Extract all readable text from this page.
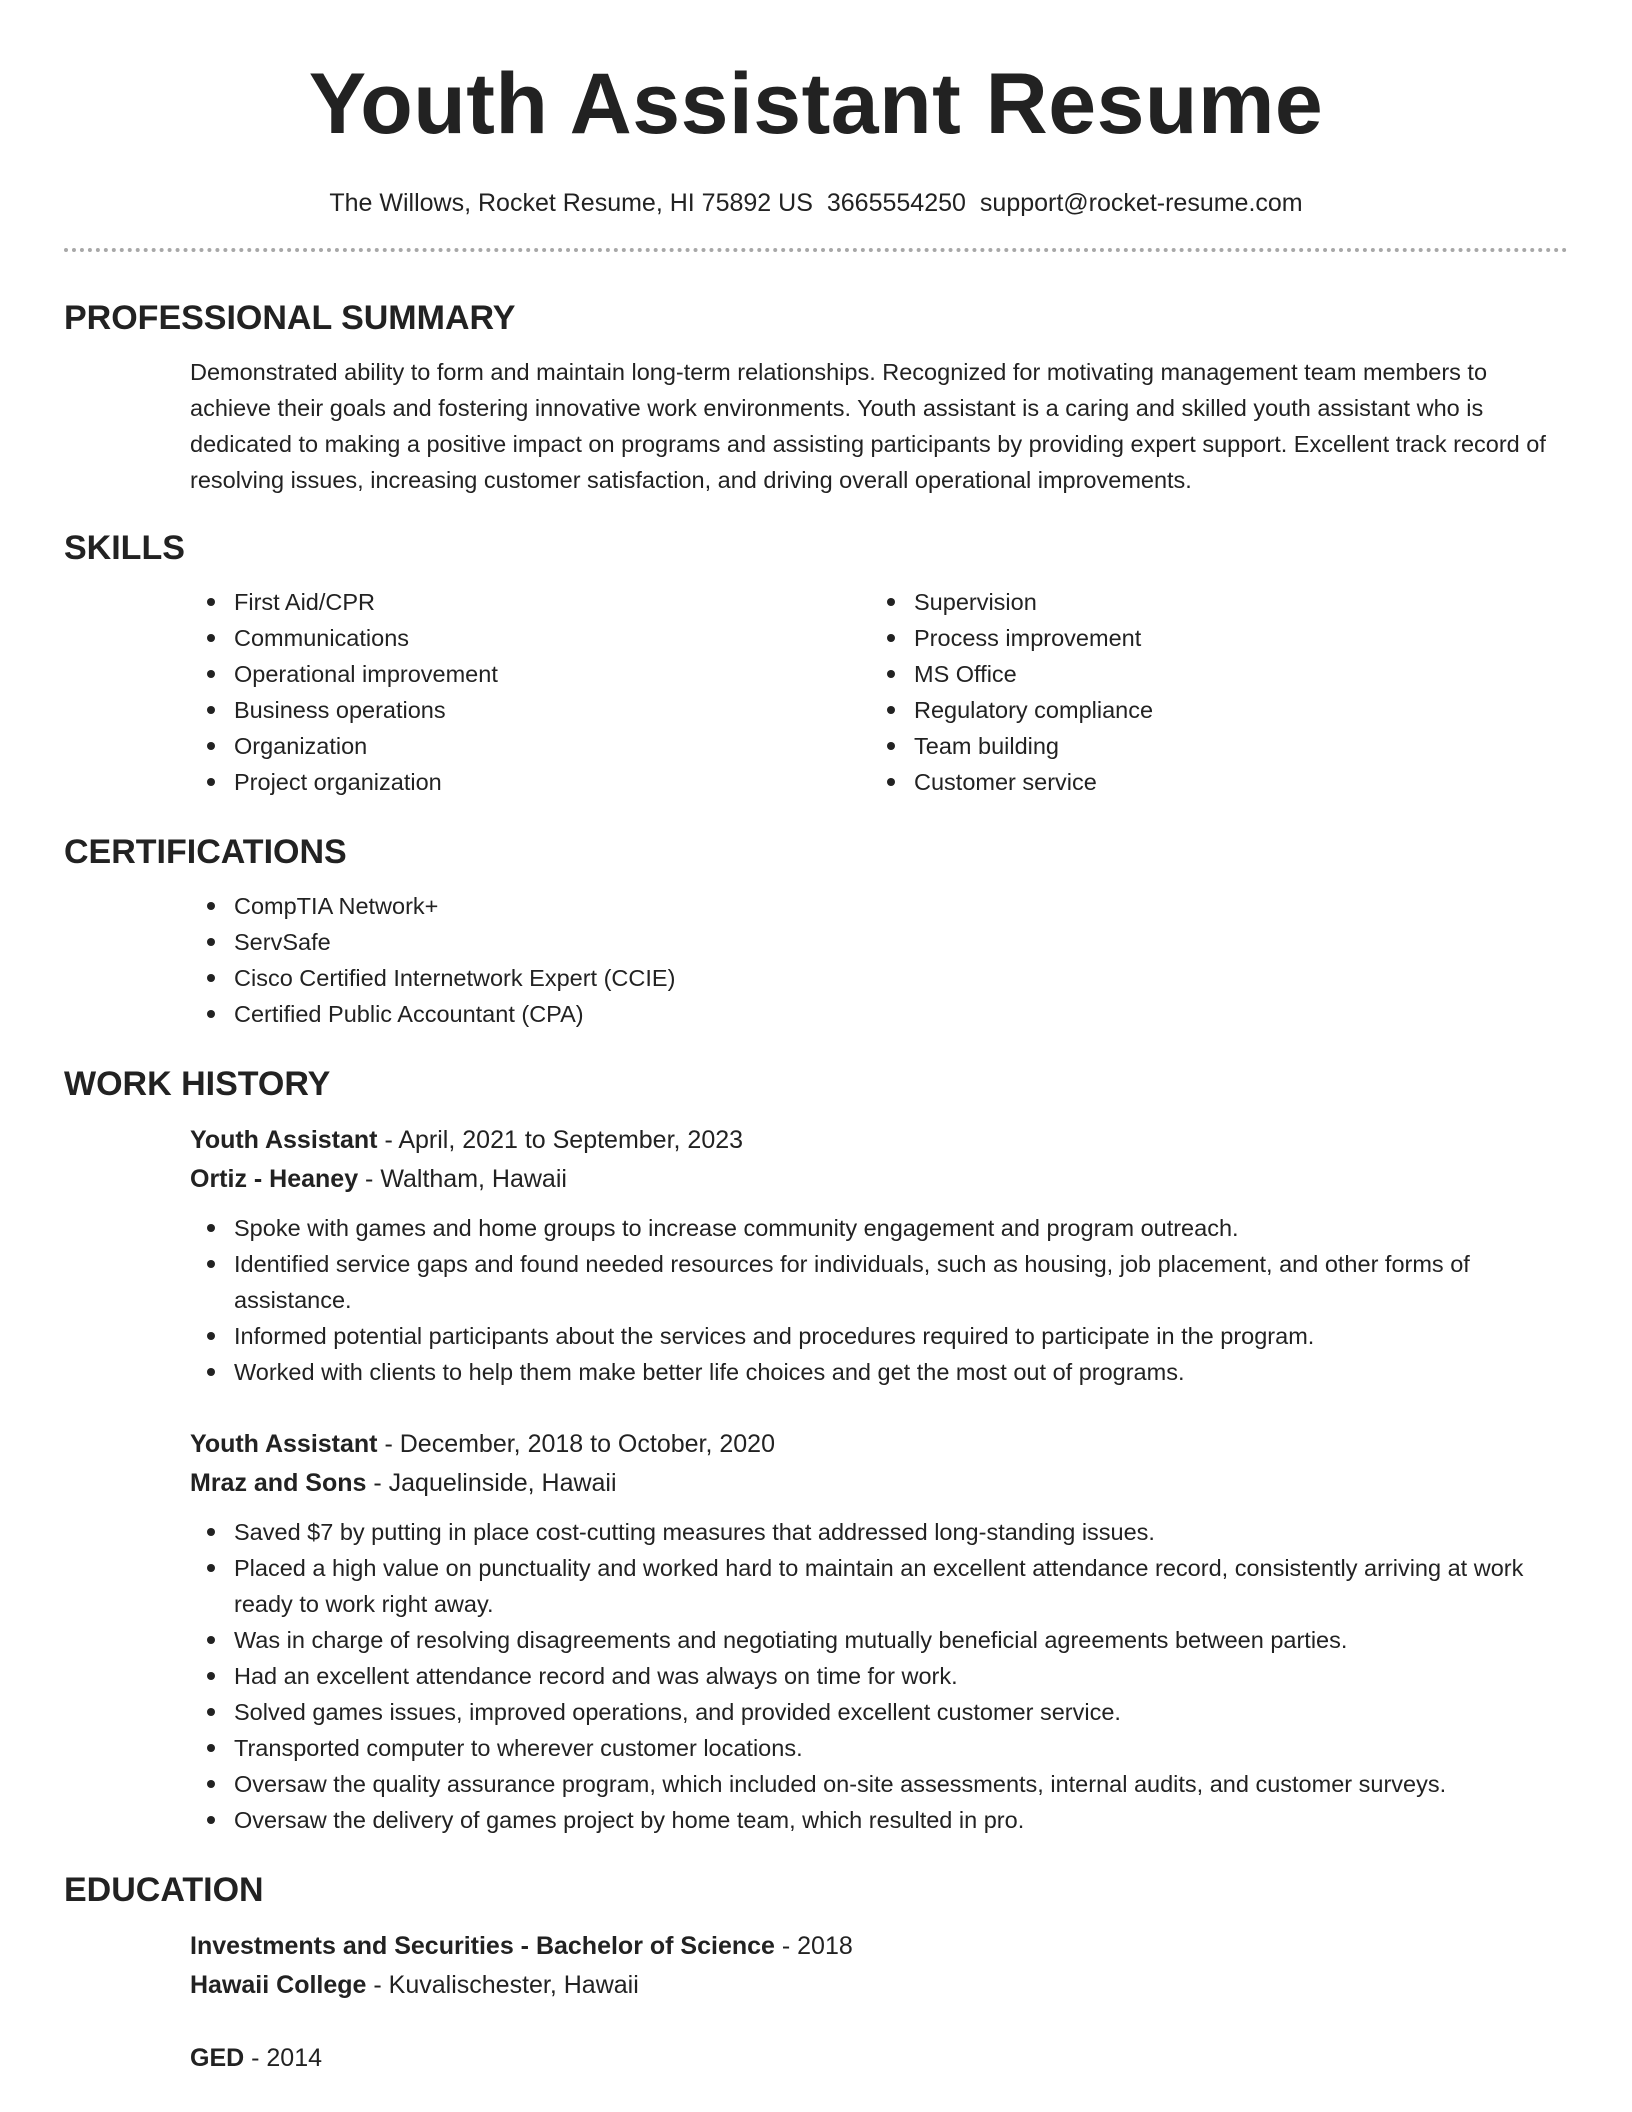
Youth Assistant Resume
The Willows, Rocket Resume, HI 75892 US 3665554250 support@rocket-resume.com
PROFESSIONAL SUMMARY

Demonstrated ability to form and maintain long-term relationships. Recognized for motivating management team members to achieve their goals and fostering innovative work environments. Youth assistant is a caring and skilled youth assistant who is dedicated to making a positive impact on programs and assisting participants by providing expert support. Excellent track record of resolving issues, increasing customer satisfaction, and driving overall operational improvements.

SKILLS
First Aid/CPR
Communications
Operational improvement
Business operations
Organization
Project organization
Supervision
Process improvement
MS Office
Regulatory compliance
Team building
Customer service
CERTIFICATIONS
CompTIA Network+
ServSafe
Cisco Certified Internetwork Expert (CCIE)
Certified Public Accountant (CPA)
WORK HISTORY
Youth Assistant - April, 2021 to September, 2023
Ortiz - Heaney - Waltham, Hawaii
Spoke with games and home groups to increase community engagement and program outreach.
Identified service gaps and found needed resources for individuals, such as housing, job placement, and other forms of assistance.
Informed potential participants about the services and procedures required to participate in the program.
Worked with clients to help them make better life choices and get the most out of programs.
Youth Assistant - December, 2018 to October, 2020
Mraz and Sons - Jaquelinside, Hawaii
Saved $7 by putting in place cost-cutting measures that addressed long-standing issues.
Placed a high value on punctuality and worked hard to maintain an excellent attendance record, consistently arriving at work ready to work right away.
Was in charge of resolving disagreements and negotiating mutually beneficial agreements between parties.
Had an excellent attendance record and was always on time for work.
Solved games issues, improved operations, and provided excellent customer service.
Transported computer to wherever customer locations.
Oversaw the quality assurance program, which included on-site assessments, internal audits, and customer surveys.
Oversaw the delivery of games project by home team, which resulted in pro.
EDUCATION
Investments and Securities - Bachelor of Science - 2018
Hawaii College - Kuvalischester, Hawaii
GED - 2014
